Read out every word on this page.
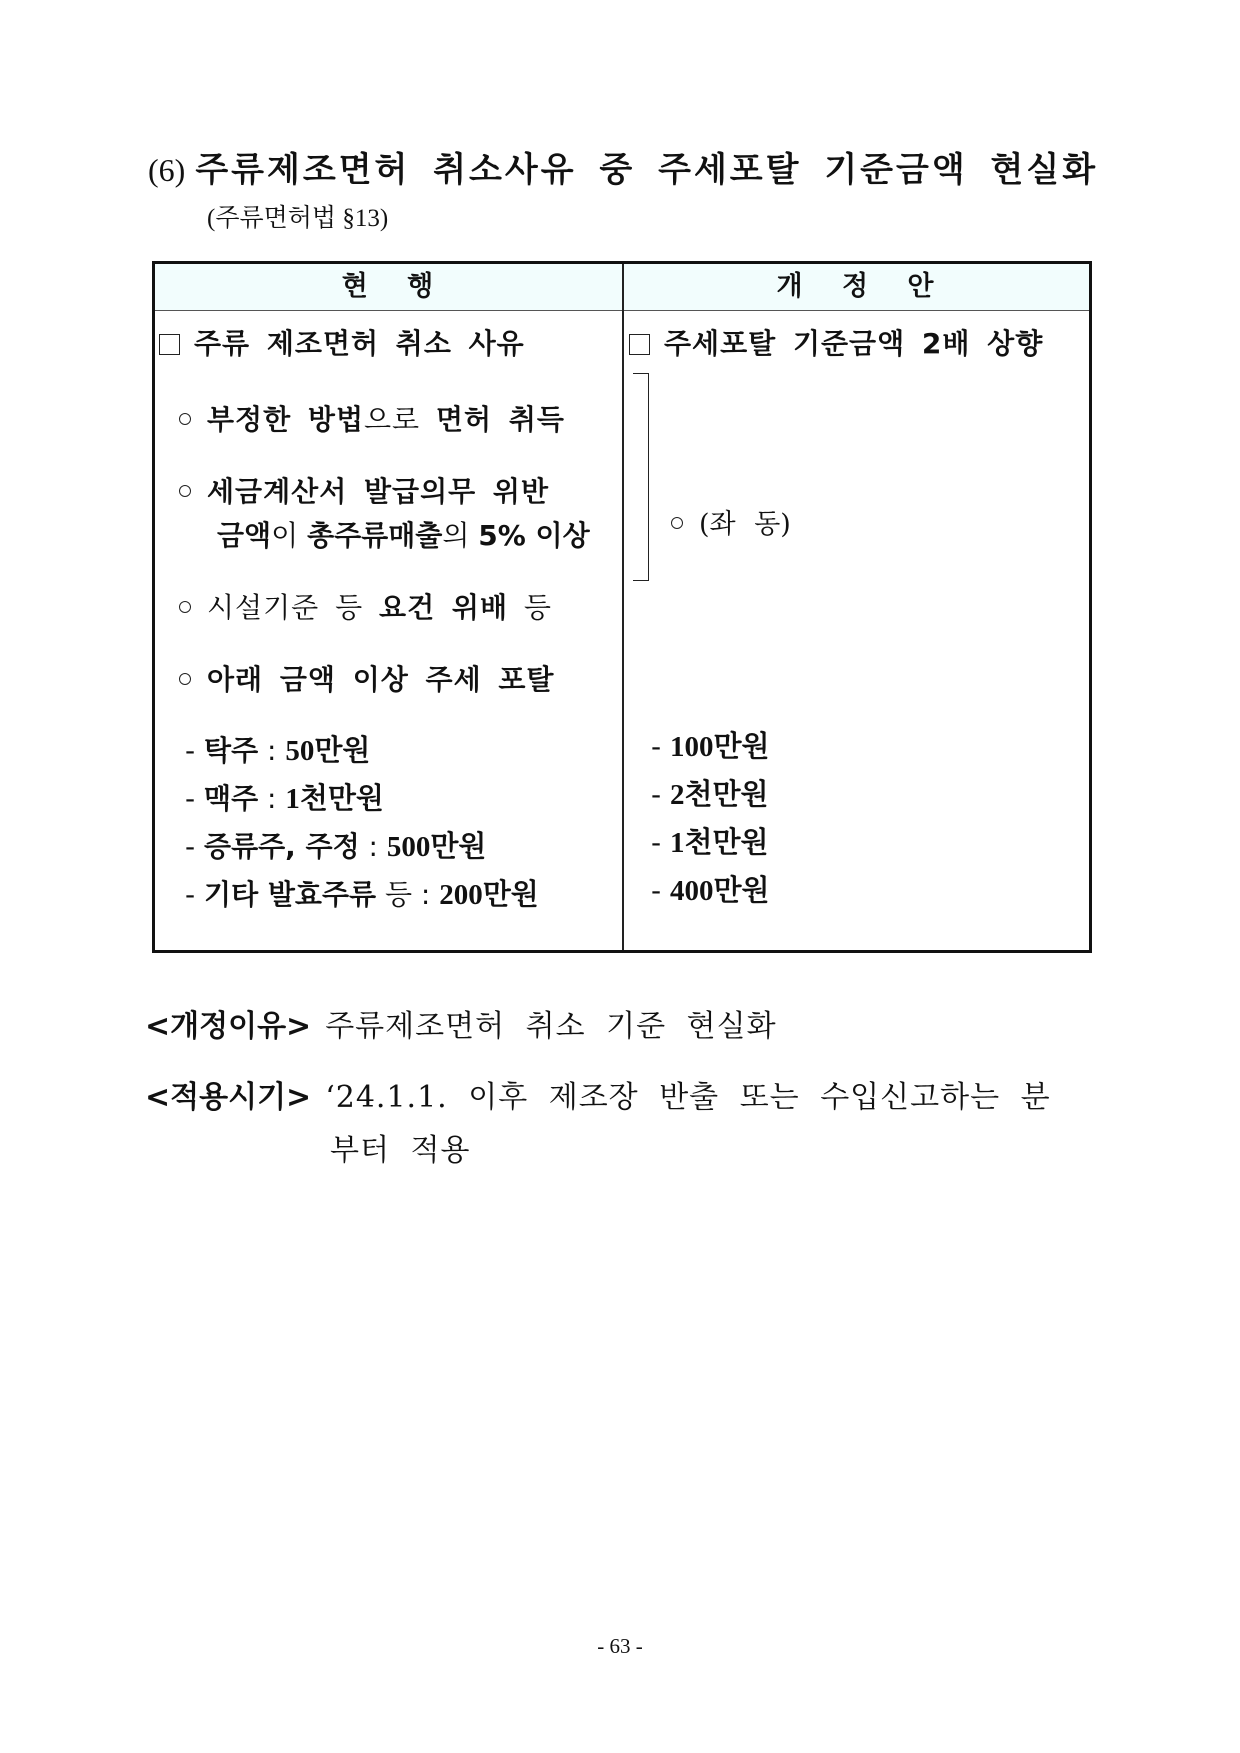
(6) 주류제조면허 취소사유 중 주세포탈 기준금액 현실화
(주류면허법 §13)
현 행	개 정 안
주류 제조면허 취소 사유
부정한 방법으로 면허 취득
세금계산서 발급의무 위반
금액이 총주류매출의 5% 이상
시설기준 등 요건 위배 등
아래 금액 이상 주세 포탈
- 탁주 : 50만원
- 맥주 : 1천만원
- 증류주, 주정 : 500만원
- 기타 발효주류 등 : 200만원
주세포탈 기준금액 2배 상향
(좌 동)
- 100만원
- 2천만원
- 1천만원
- 400만원
<개정이유> 주류제조면허 취소 기준 현실화
<적용시기> ‘24.1.1. 이후 제조장 반출 또는 수입신고하는 분
부터 적용
- 63 -
